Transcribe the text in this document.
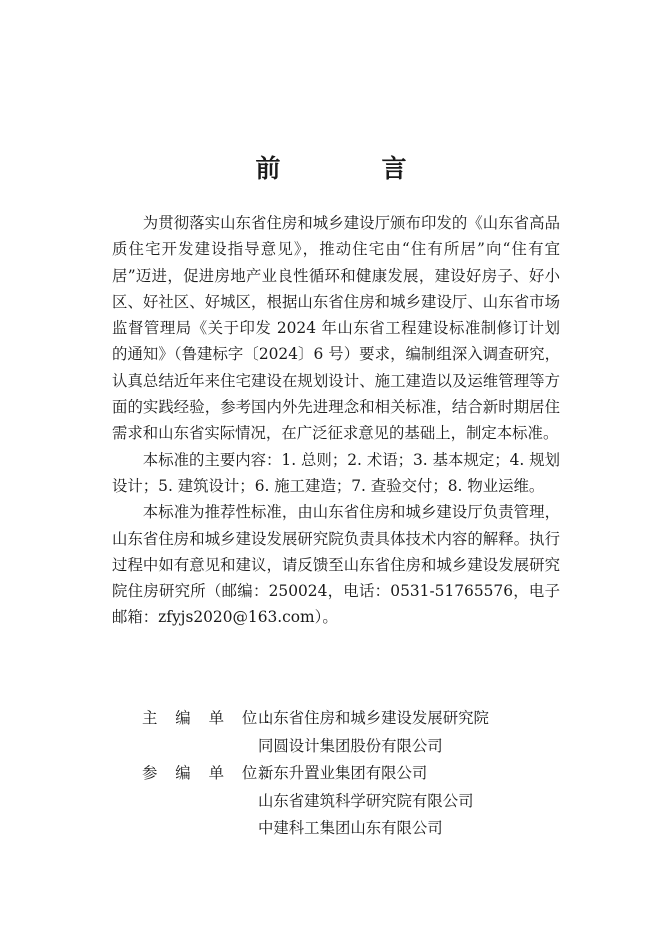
前　言

为贯彻落实山东省住房和城乡建设厅颁布印发的《山东省高品质住宅开发建设指导意见》，推动住宅由“住有所居”向“住有宜居”迈进，促进房地产业良性循环和健康发展，建设好房子、好小区、好社区、好城区，根据山东省住房和城乡建设厅、山东省市场监督管理局《关于印发 2024 年山东省工程建设标准制修订计划的通知》（鲁建标字〔2024〕6 号）要求，编制组深入调查研究，认真总结近年来住宅建设在规划设计、施工建造以及运维管理等方面的实践经验，参考国内外先进理念和相关标准，结合新时期居住需求和山东省实际情况，在广泛征求意见的基础上，制定本标准。

本标准的主要内容：1. 总则；2. 术语；3. 基本规定；4. 规划设计；5. 建筑设计；6. 施工建造；7. 查验交付；8. 物业运维。

本标准为推荐性标准，由山东省住房和城乡建设厅负责管理，山东省住房和城乡建设发展研究院负责具体技术内容的解释。执行过程中如有意见和建议，请反馈至山东省住房和城乡建设发展研究院住房研究所（邮编：250024，电话：0531-51765576，电子邮箱：zfyjs2020@163.com）。

主 编 单 位：
山东省住房和城乡建设发展研究院
同圆设计集团股份有限公司
参 编 单 位：
新东升置业集团有限公司
山东省建筑科学研究院有限公司
中建科工集团山东有限公司
